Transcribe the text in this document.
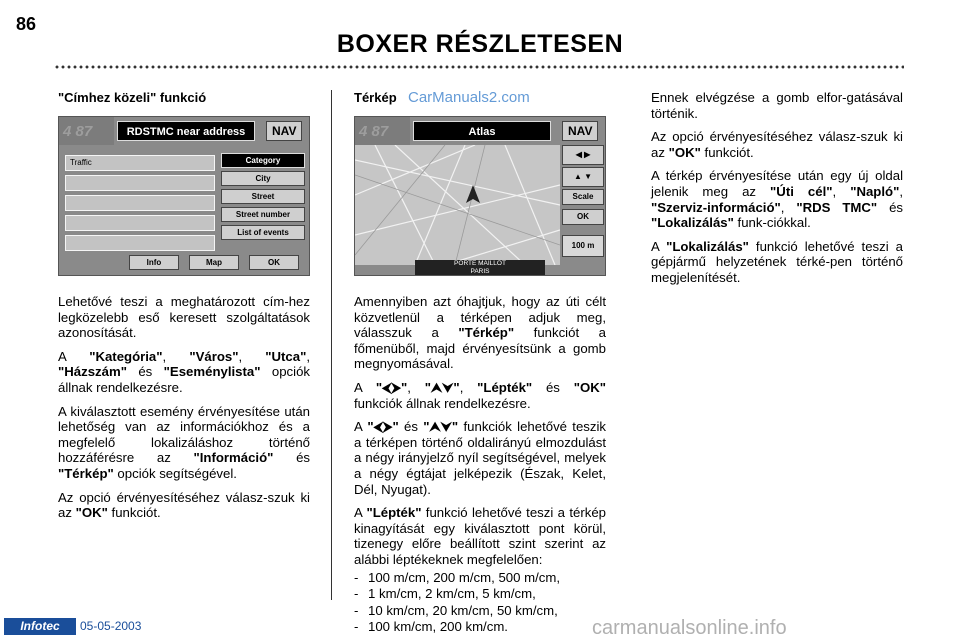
86
BOXER RÉSZLETESEN
"Címhez közeli" funkció
4 87	RDSTMC near address	NAV
Traffic	Category
City
Street
Street number
List of events
Info	Map	OK

Lehetővé teszi a meghatározott cím-hez legközelebb eső keresett szolgáltatások azonosítását.

A "Kategória", "Város", "Utca", "Házszám" és "Eseménylista" opciók állnak rendelkezésre.

A kiválasztott esemény érvényesítése után lehetőség van az információkhoz és a megfelelő lokalizáláshoz történő hozzáférésre az "Információ" és "Térkép" opciók segítségével.

Az opció érvényesítéséhez válasz-szuk ki az "OK" funkciót.

Térkép CarManuals2.com
4 87	Atlas	NAV
◀ ▶
▲ ▼
Scale
OK
100 m
PORTE MAILLOT
PARIS

Amennyiben azt óhajtjuk, hogy az úti célt közvetlenül a térképen adjuk meg, válasszuk a "Térkép" funkciót a főmenüből, majd érvényesítsünk a gomb megnyomásával.

A "⮜⮞", "⮝⮟", "Lépték" és "OK" funkciók állnak rendelkezésre.

A "⮜⮞" és "⮝⮟" funkciók lehetővé teszik a térképen történő oldalirányú elmozdulást a négy irányjelző nyíl segítségével, melyek a négy égtájat jelképezik (Észak, Kelet, Dél, Nyugat).

A "Lépték" funkció lehetővé teszi a térkép kinagyítását egy kiválasztott pont körül, tizenegy előre beállított szint szerint az alábbi léptékeknek megfelelően:

- 100 m/cm, 200 m/cm, 500 m/cm,
- 1 km/cm, 2 km/cm, 5 km/cm,
- 10 km/cm, 20 km/cm, 50 km/cm,
- 100 km/cm, 200 km/cm.

Ennek elvégzése a gomb elfor-gatásával történik.

Az opció érvényesítéséhez válasz-szuk ki az "OK" funkciót.

A térkép érvényesítése után egy új oldal jelenik meg az "Úti cél", "Napló", "Szerviz-információ", "RDS TMC" és "Lokalizálás" funk-ciókkal.

A "Lokalizálás" funkció lehetővé teszi a gépjármű helyzetének térké-pen történő megjelenítését.

Infotec	05-05-2003	carmanualsonline.info
